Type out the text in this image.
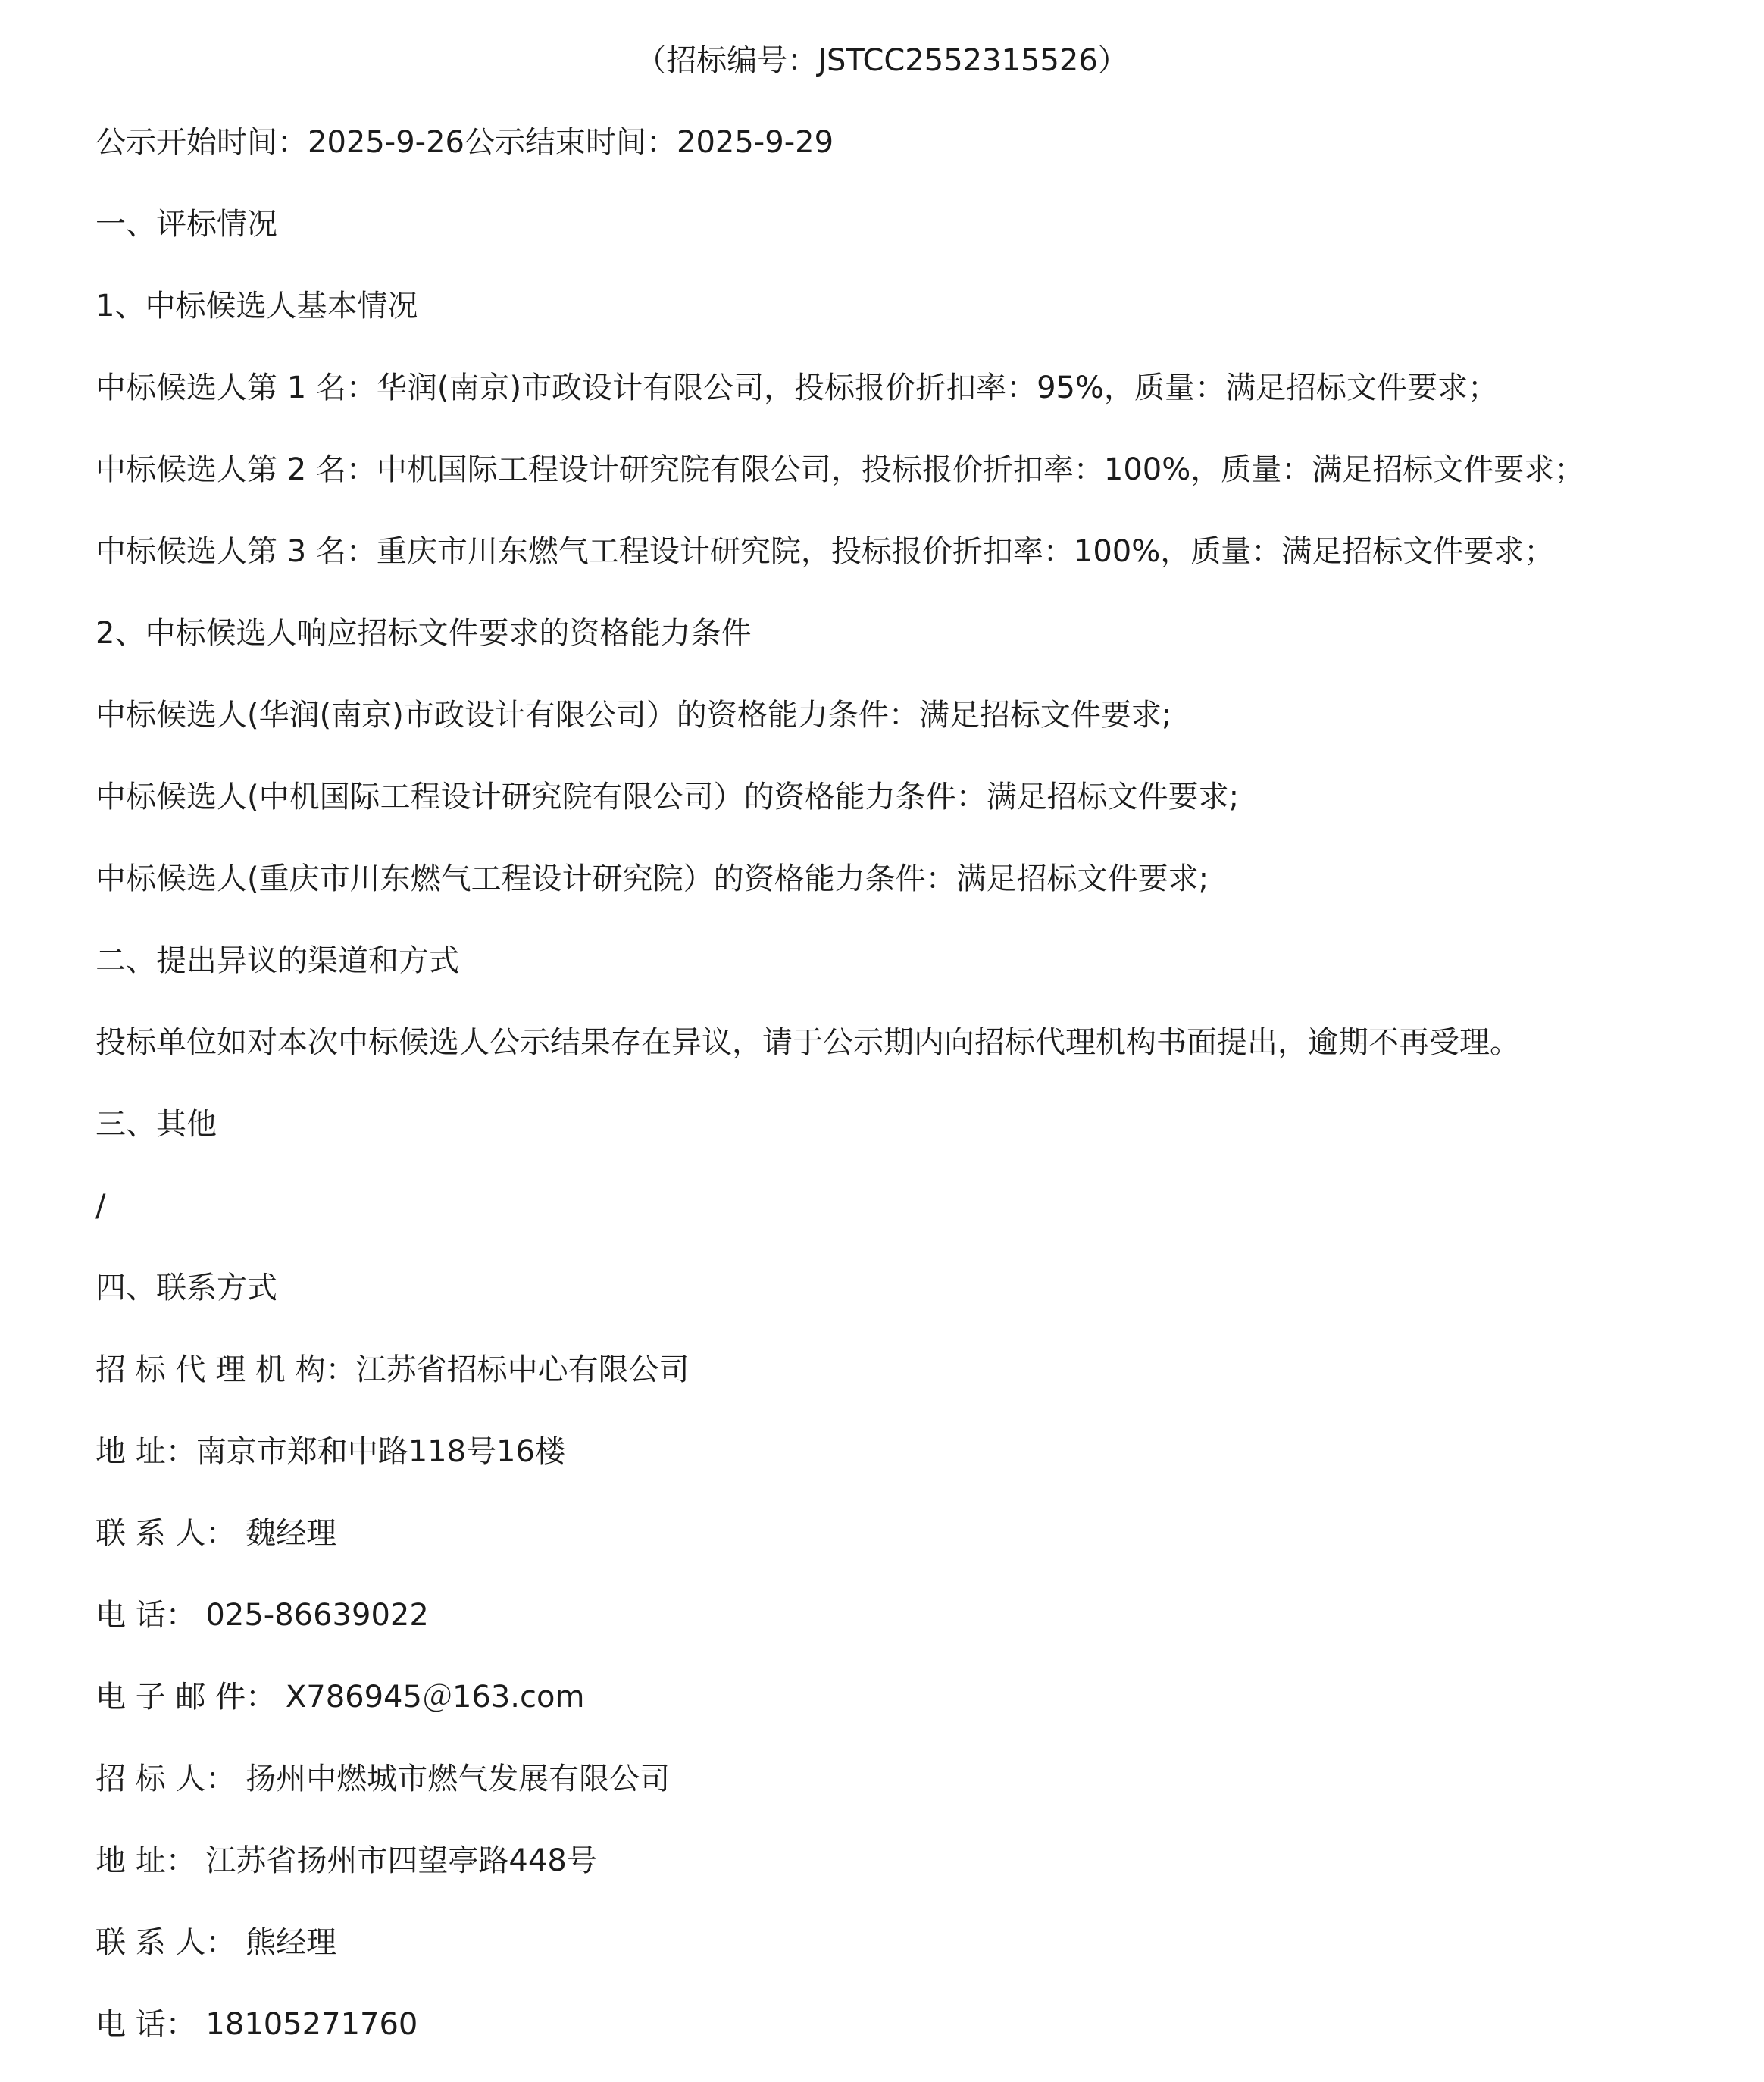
（招标编号：JSTCC2552315526）
公示开始时间：2025-9-26公示结束时间：2025-9-29
一、评标情况
1、中标候选人基本情况
中标候选人第 1 名：华润(南京)市政设计有限公司，投标报价折扣率：95%，质量：满足招标文件要求；
中标候选人第 2 名：中机国际工程设计研究院有限公司，投标报价折扣率：100%，质量：满足招标文件要求；
中标候选人第 3 名：重庆市川东燃气工程设计研究院，投标报价折扣率：100%，质量：满足招标文件要求；
2、中标候选人响应招标文件要求的资格能力条件
中标候选人(华润(南京)市政设计有限公司）的资格能力条件：满足招标文件要求;
中标候选人(中机国际工程设计研究院有限公司）的资格能力条件：满足招标文件要求;
中标候选人(重庆市川东燃气工程设计研究院）的资格能力条件：满足招标文件要求;
二、提出异议的渠道和方式
投标单位如对本次中标候选人公示结果存在异议，请于公示期内向招标代理机构书面提出，逾期不再受理。
三、其他
/
四、联系方式
招 标 代 理 机 构：江苏省招标中心有限公司
地 址：南京市郑和中路118号16楼
联 系 人： 魏经理
电 话： 025-86639022
电 子 邮 件： X786945＠163.com
招 标 人： 扬州中燃城市燃气发展有限公司
地 址： 江苏省扬州市四望亭路448号
联 系 人： 熊经理
电 话： 18105271760
